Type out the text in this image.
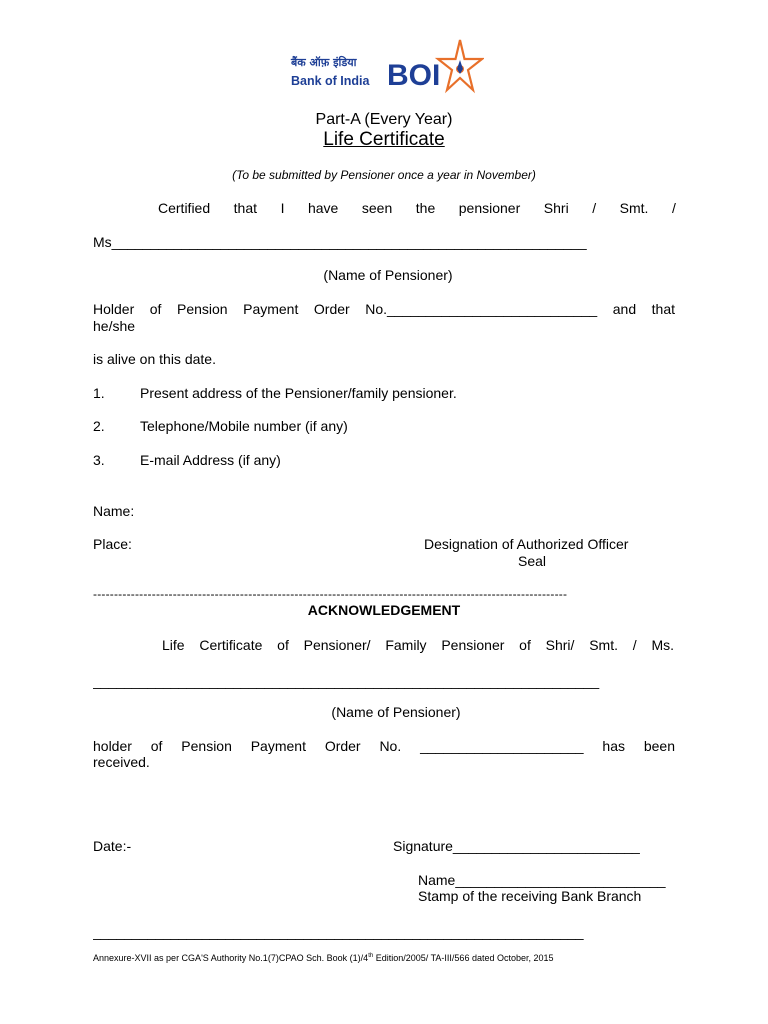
बैंक ऑफ़ इंडिया
Bank of India BOI
Part-A (Every Year)
Life Certificate
(To be submitted by Pensioner once a year in November)
Certified that I have seen the pensioner Shri / Smt. /
Ms_____________________________________________________________
(Name of Pensioner)
Holder of Pension Payment Order No.___________________________ and that
he/she
is alive on this date.
1.	Present address of the Pensioner/family pensioner.
2.	Telephone/Mobile number (if any)
3.	E-mail Address (if any)
Name:
Place:	Designation of Authorized Officer
Seal
-----------------------------------------------------------------------------------------------------------------
ACKNOWLEDGEMENT
Life Certificate of Pensioner/ Family Pensioner of Shri/ Smt. / Ms.
_________________________________________________________________
(Name of Pensioner)
holder of Pension Payment Order No. _____________________ has been
received.
Date:-	Signature________________________
Name___________________________
Stamp of the receiving Bank Branch
_______________________________________________________________
Annexure-XVII as per CGA'S Authority No.1(7)CPAO Sch. Book (1)/4th Edition/2005/ TA-III/566 dated October, 2015
